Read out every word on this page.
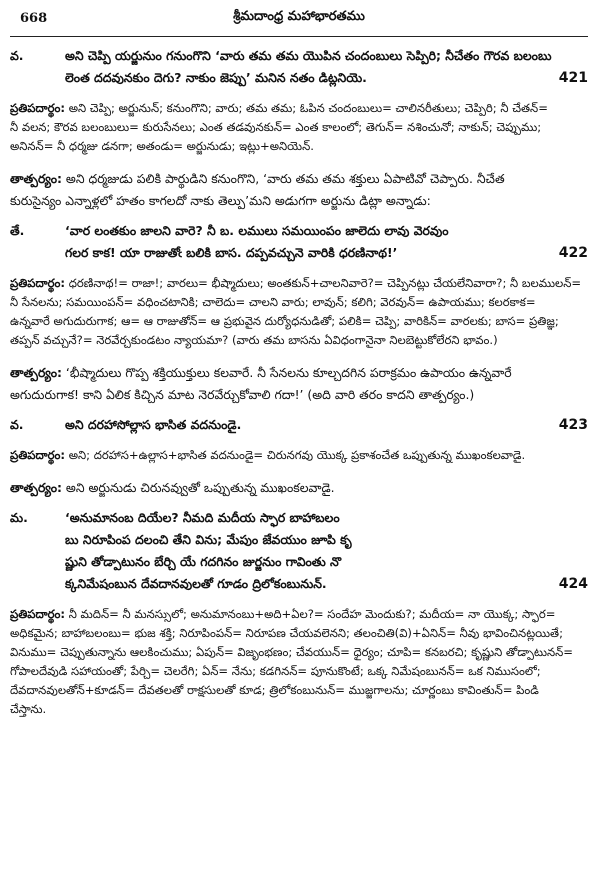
668	శ్రీమదాంధ్ర మహాభారతము
వ.	అని చెప్పి యర్జునుం గనుంగొని ‘వారు తమ తమ యొపిన చందంబులు సెప్పిరి; నీచేతం గౌరవ బలంబు
లెంత దదవునకుం దెగు? నాకుం జెప్పు’ మనిన నతం డిట్లనియె.	421
ప్రతిపదార్థం: అని చెప్పి; అర్జునున్; కనుంగొని; వారు; తమ తమ; ఓపిన చందంబులు= చాలినరీతులు; చెప్పిరి; నీ చేతన్=
నీ వలన; కౌరవ బలంబులు= కురుసేనలు; ఎంత తడవునకున్= ఎంత కాలంలో; తెగున్= నశించునో; నాకున్; చెప్పుము;
అనినన్= నీ ధర్మజు డనగా; అతండు= అర్జునుడు; ఇట్లు+అనియెన్.
తాత్పర్యం: అని ధర్మజుడు పలికి పార్థుడిని కనుంగొని, ‘వారు తమ తమ శక్తులు ఏపాటివో చెప్పారు. నీచేత
కురుసైన్యం ఎన్నాళ్లలో హతం కాగలదో నాకు తెల్పు’మని అడుగగా అర్జును డిట్లా అన్నాడు:
తే.	‘వార లంతకుం జాలని వారె? నీ బ. లములు సమయింపం జాలెదు లావు వెరవుం
గలర కాక! యా రాజుతోఁ బలికి బాస. దప్పవచ్చునె వారికి ధరణినాథ!’	422
ప్రతిపదార్థం: ధరణినాథ!= రాజా!; వారలు= భీష్మాదులు; అంతకున్+చాలనివారె?= చెప్పినట్లు చేయలేనివారా?; నీ బలములన్=
నీ సేనలను; సమయింపన్= వధించటానికి; చాలెదు= చాలని వారు; లావున్; కలిగి; వెరవున్= ఉపాయము; కలరకాక=
ఉన్నవారే అగుదురుగాక; ఆ= ఆ రాజుతోన్= ఆ ప్రభువైన దుర్యోధనుడితో; పలికి= చెప్పి; వారికిన్= వారలకు; బాస= ప్రతిజ్ఞ;
తప్పన్ వచ్చునే?= నెరవేర్చకుండటం న్యాయమా? (వారు తమ బాసను ఏవిధంగానైనా నిలబెట్టుకోలేరని భావం.)
తాత్పర్యం: ‘భీష్మాదులు గొప్ప శక్తియుక్తులు కలవారే. నీ సేనలను కూల్చదగిన పరాక్రమం ఉపాయం ఉన్నవారే
అగుదురుగాక! కాని ఏలిక కిచ్చిన మాట నెరవేర్చుకోవాలి గదా!’ (అది వారి తరం కాదని తాత్పర్యం.)
వ.	అని దరహాసోల్లాస భాసిత వదనుండై.	423
ప్రతిపదార్థం: అని; దరహాస+ఉల్లాస+భాసిత వదనుండై= చిరునగవు యొక్క ప్రకాశంచేత ఒప్పుతున్న ముఖంకలవాడై.
తాత్పర్యం: అని అర్జునుడు చిరునవ్వుతో ఒప్పుతున్న ముఖంకలవాడై.
మ.	‘అనుమానంబ దియేల? నీమది మదీయ స్ఫార బాహాబలం
బు నిరూపింప దలంచి తేని విను; మేపుం జేవయుం జూపి కృ
ష్ణుని తోడ్పాటునం బేర్చి యే గదగినం జుర్జనుం గావింతు నొ
క్కనిమేషంబున దేవదానవులతో గూడం ద్రిలోకంబునున్.	424
ప్రతిపదార్థం: నీ మదిన్= నీ మనస్సులో; అనుమానంబు+అది+ఏల?= సందేహ మెందుకు?; మదీయ= నా యొక్క; స్ఫార=
అధికమైన; బాహాబలంబు= భుజ శక్తి; నిరూపింపన్= నిరూపణ చేయవలెనని; తలంచితి(వి)+ఏనిన్= నీవు భావించినట్లయితే;
వినుము= చెప్పుతున్నాను ఆలకించుము; ఏపున్= విజృంభణం; చేవయున్= ధైర్యం; చూపి= కనబరచి; కృష్ణుని తోడ్పాటునన్=
గోపాలదేవుడి సహాయంతో; పేర్చి= చెలరేగి; ఏన్= నేను; కడగినన్= పూనుకొంటే; ఒక్క నిమేషంబునన్= ఒక నిముసంలో;
దేవదానవులతోన్+కూడన్= దేవతలతో రాక్షసులతో కూడ; త్రిలోకంబునున్= ముజ్జగాలను; చూర్ణంబు కావింతున్= పిండి
చేస్తాను.
